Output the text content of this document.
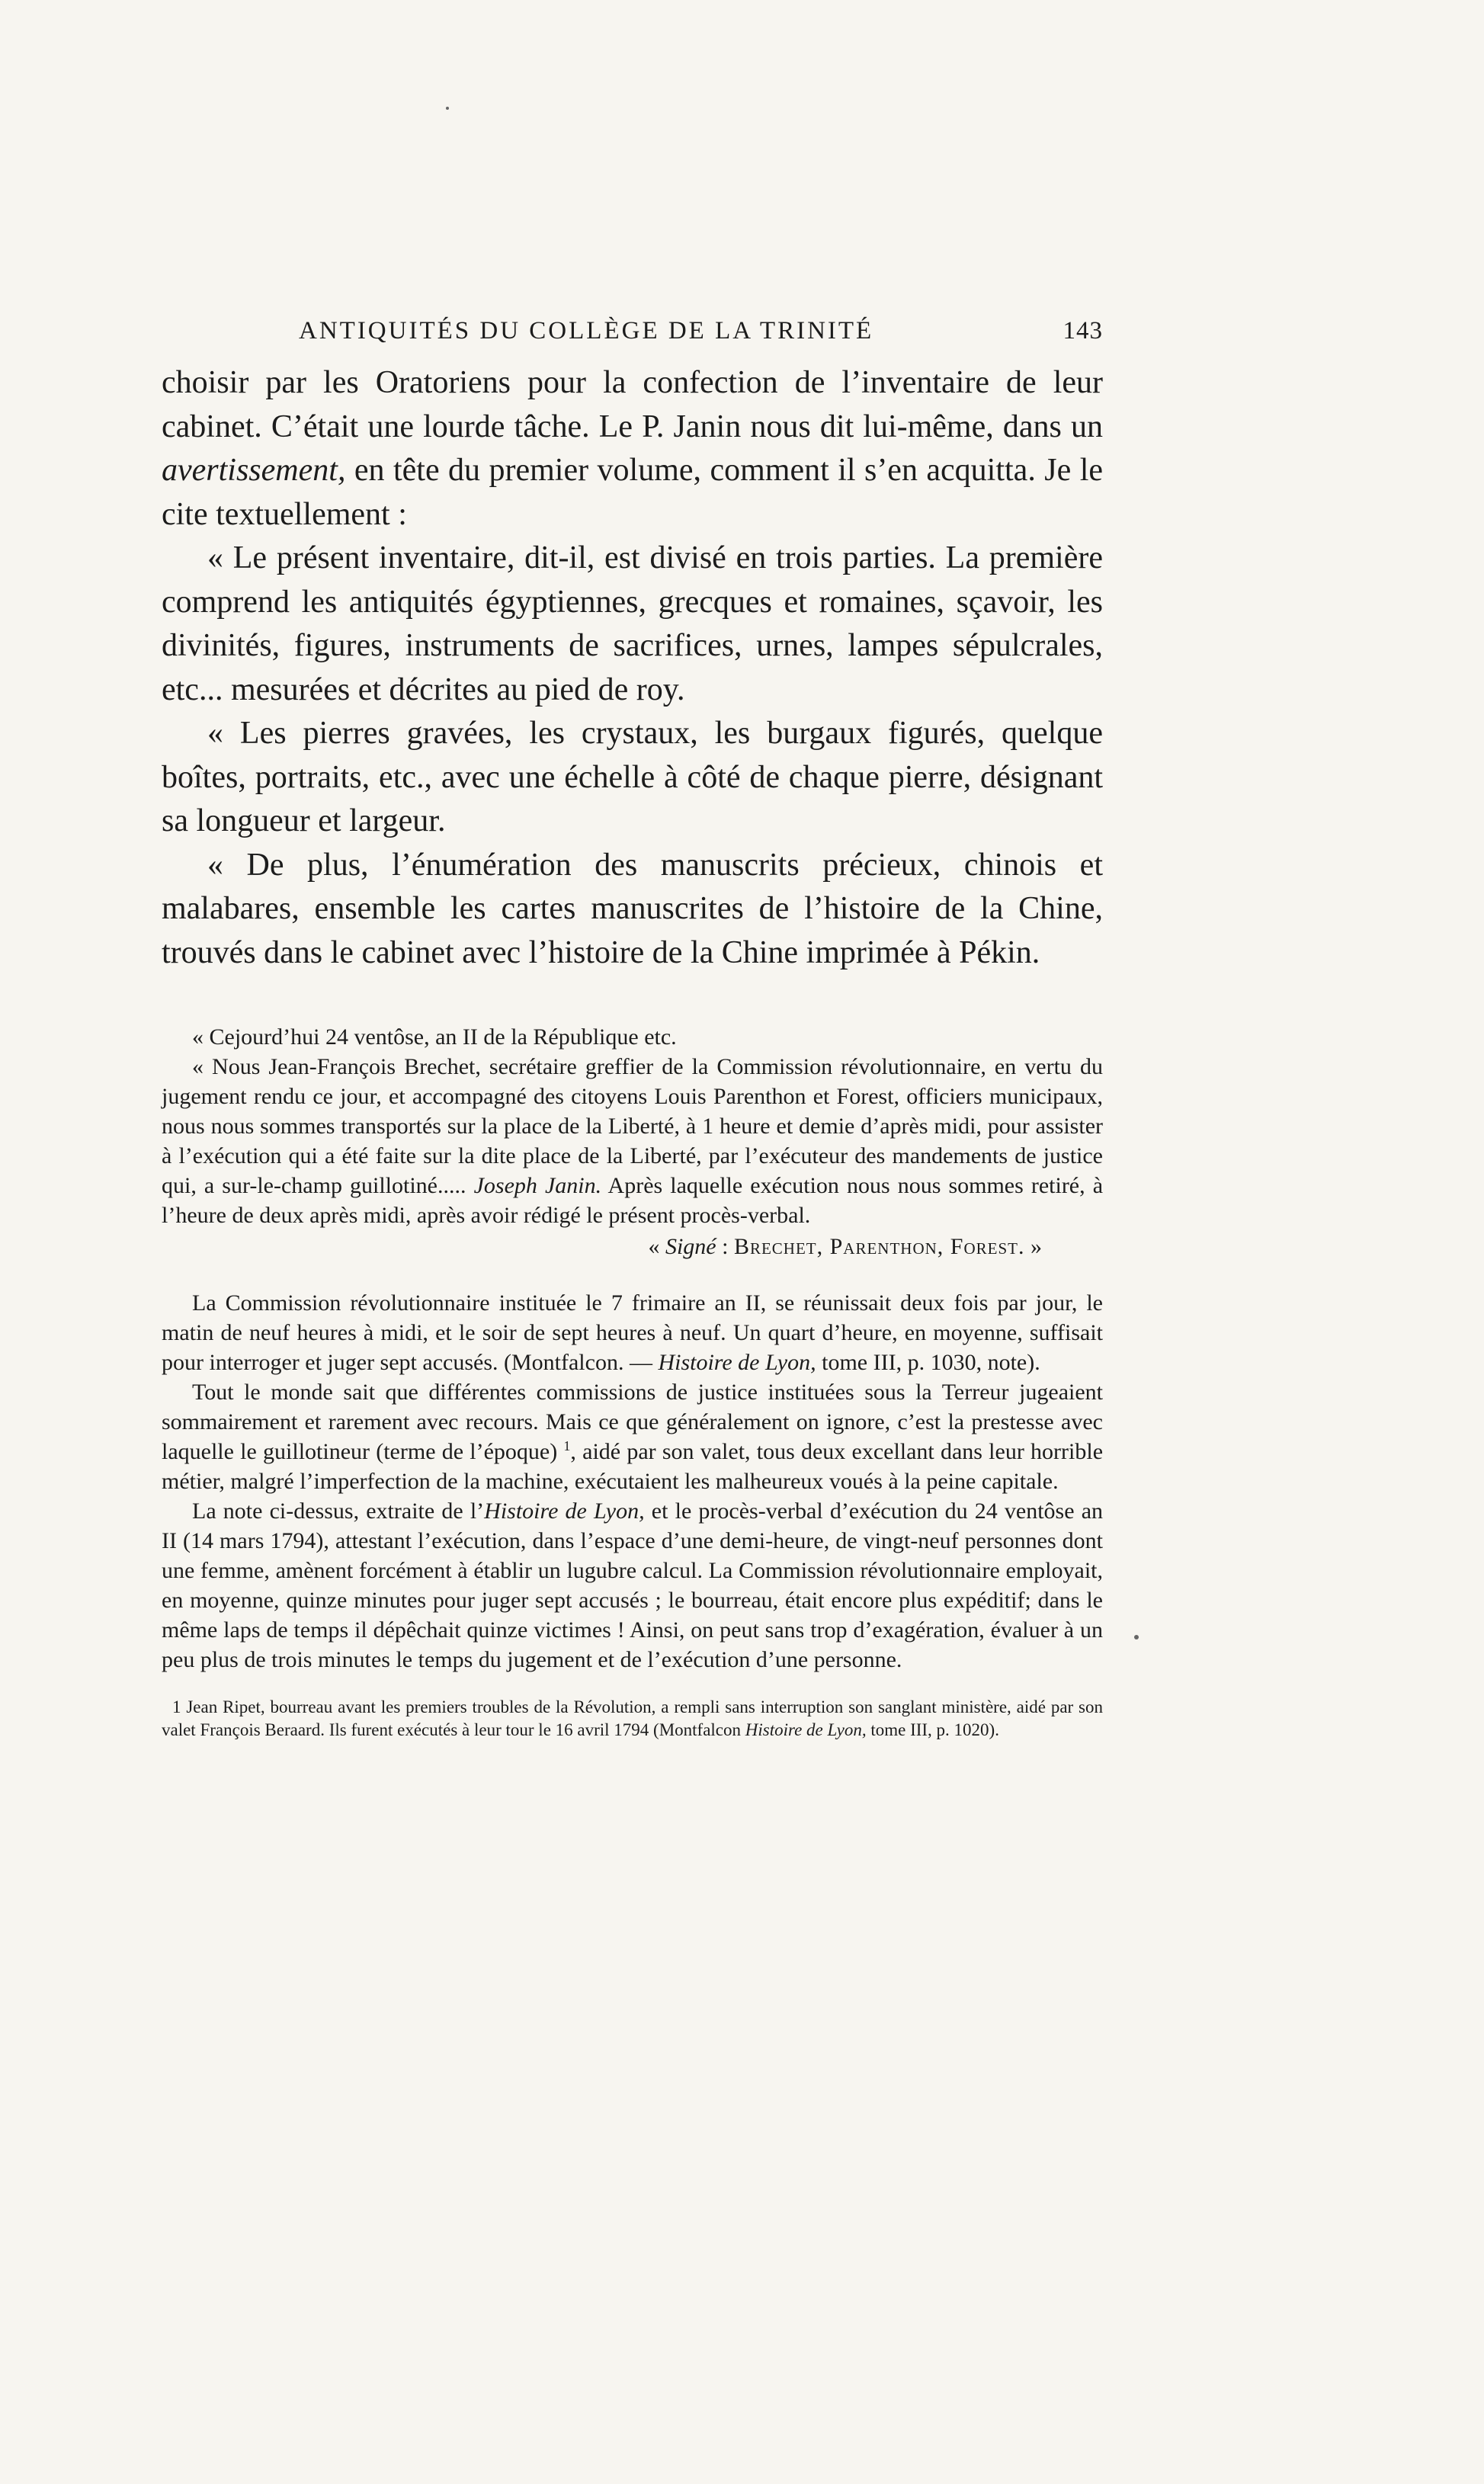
ANTIQUITÉS DU COLLÈGE DE LA TRINITÉ	143

choisir par les Oratoriens pour la confection de l’inventaire de leur cabinet. C’était une lourde tâche. Le P. Janin nous dit lui-même, dans un avertissement, en tête du premier volume, comment il s’en acquitta. Je le cite textuellement :

« Le présent inventaire, dit-il, est divisé en trois parties. La première comprend les antiquités égyptiennes, grecques et romaines, sçavoir, les divinités, figures, instruments de sacrifices, urnes, lampes sépulcrales, etc... mesurées et décrites au pied de roy.

« Les pierres gravées, les crystaux, les burgaux figurés, quelque boîtes, portraits, etc., avec une échelle à côté de chaque pierre, désignant sa longueur et largeur.

« De plus, l’énumération des manuscrits précieux, chinois et malabares, ensemble les cartes manuscrites de l’histoire de la Chine, trouvés dans le cabinet avec l’histoire de la Chine imprimée à Pékin.

« Cejourd’hui 24 ventôse, an II de la République etc.

« Nous Jean-François Brechet, secrétaire greffier de la Commission révolutionnaire, en vertu du jugement rendu ce jour, et accompagné des citoyens Louis Parenthon et Forest, officiers municipaux, nous nous sommes transportés sur la place de la Liberté, à 1 heure et demie d’après midi, pour assister à l’exécution qui a été faite sur la dite place de la Liberté, par l’exécuteur des mandements de justice qui, a sur-le-champ guillotiné..... Joseph Janin. Après laquelle exécution nous nous sommes retiré, à l’heure de deux après midi, après avoir rédigé le présent procès-verbal.

« Signé : Brechet, Parenthon, Forest. »

La Commission révolutionnaire instituée le 7 frimaire an II, se réunissait deux fois par jour, le matin de neuf heures à midi, et le soir de sept heures à neuf. Un quart d’heure, en moyenne, suffisait pour interroger et juger sept accusés. (Montfalcon. — Histoire de Lyon, tome III, p. 1030, note).

Tout le monde sait que différentes commissions de justice instituées sous la Terreur jugeaient sommairement et rarement avec recours. Mais ce que généralement on ignore, c’est la prestesse avec laquelle le guillotineur (terme de l’époque) $^1$, aidé par son valet, tous deux excellant dans leur horrible métier, malgré l’imperfection de la machine, exécutaient les malheureux voués à la peine capitale.

La note ci-dessus, extraite de l’Histoire de Lyon, et le procès-verbal d’exécution du 24 ventôse an II (14 mars 1794), attestant l’exécution, dans l’espace d’une demi-heure, de vingt-neuf personnes dont une femme, amènent forcément à établir un lugubre calcul. La Commission révolutionnaire employait, en moyenne, quinze minutes pour juger sept accusés ; le bourreau, était encore plus expéditif; dans le même laps de temps il dépêchait quinze victimes ! Ainsi, on peut sans trop d’exagération, évaluer à un peu plus de trois minutes le temps du jugement et de l’exécution d’une personne.

1 Jean Ripet, bourreau avant les premiers troubles de la Révolution, a rempli sans interruption son sanglant ministère, aidé par son valet François Beraard. Ils furent exécutés à leur tour le 16 avril 1794 (Montfalcon Histoire de Lyon, tome III, p. 1020).
